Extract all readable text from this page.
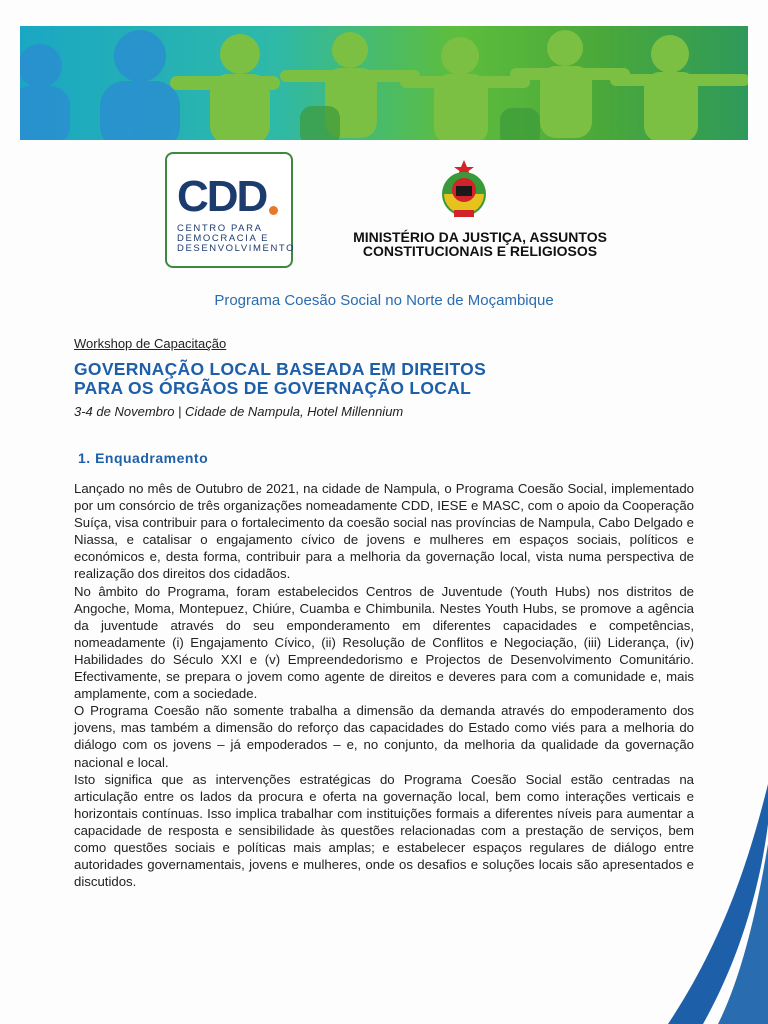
CDD
CENTRO PARA
DEMOCRACIA E
DESENVOLVIMENTO
MINISTÉRIO DA JUSTIÇA, ASSUNTOS
CONSTITUCIONAIS E RELIGIOSOS
Programa Coesão Social no Norte de Moçambique
Workshop de Capacitação
GOVERNAÇÃO LOCAL BASEADA EM DIREITOS
PARA OS ÓRGÃOS DE GOVERNAÇÃO LOCAL
3-4 de Novembro | Cidade de Nampula, Hotel Millennium
1. Enquadramento

Lançado no mês de Outubro de 2021, na cidade de Nampula, o Programa Coesão Social, implementado por um consórcio de três organizações nomeadamente CDD, IESE e MASC, com o apoio da Cooperação Suíça, visa contribuir para o fortalecimento da coesão social nas províncias de Nampula, Cabo Delgado e Niassa, e catalisar o engajamento cívico de jovens e mulheres em espaços sociais, políticos e económicos e, desta forma, contribuir para a melhoria da governação local, vista numa perspectiva de realização dos direitos dos cidadãos.

No âmbito do Programa, foram estabelecidos Centros de Juventude (Youth Hubs) nos distritos de Angoche, Moma, Montepuez, Chiúre, Cuamba e Chimbunila. Nestes Youth Hubs, se promove a agência da juventude através do seu emponderamento em diferentes capacidades e competências, nomeadamente (i) Engajamento Cívico, (ii) Resolução de Conflitos e Negociação, (iii) Liderança, (iv) Habilidades do Século XXI e (v) Empreendedorismo e Projectos de Desenvolvimento Comunitário. Efectivamente, se prepara o jovem como agente de direitos e deveres para com a comunidade e, mais amplamente, com a sociedade.

O Programa Coesão não somente trabalha a dimensão da demanda através do empoderamento dos jovens, mas também a dimensão do reforço das capacidades do Estado como viés para a melhoria do diálogo com os jovens – já empoderados – e, no conjunto, da melhoria da qualidade da governação nacional e local.

Isto significa que as intervenções estratégicas do Programa Coesão Social estão centradas na articulação entre os lados da procura e oferta na governação local, bem como interações verticais e horizontais contínuas. Isso implica trabalhar com instituições formais a diferentes níveis para aumentar a capacidade de resposta e sensibilidade às questões relacionadas com a prestação de serviços, bem como questões sociais e políticas mais amplas; e estabelecer espaços regulares de diálogo entre autoridades governamentais, jovens e mulheres, onde os desafios e soluções locais são apresentados e discutidos.
